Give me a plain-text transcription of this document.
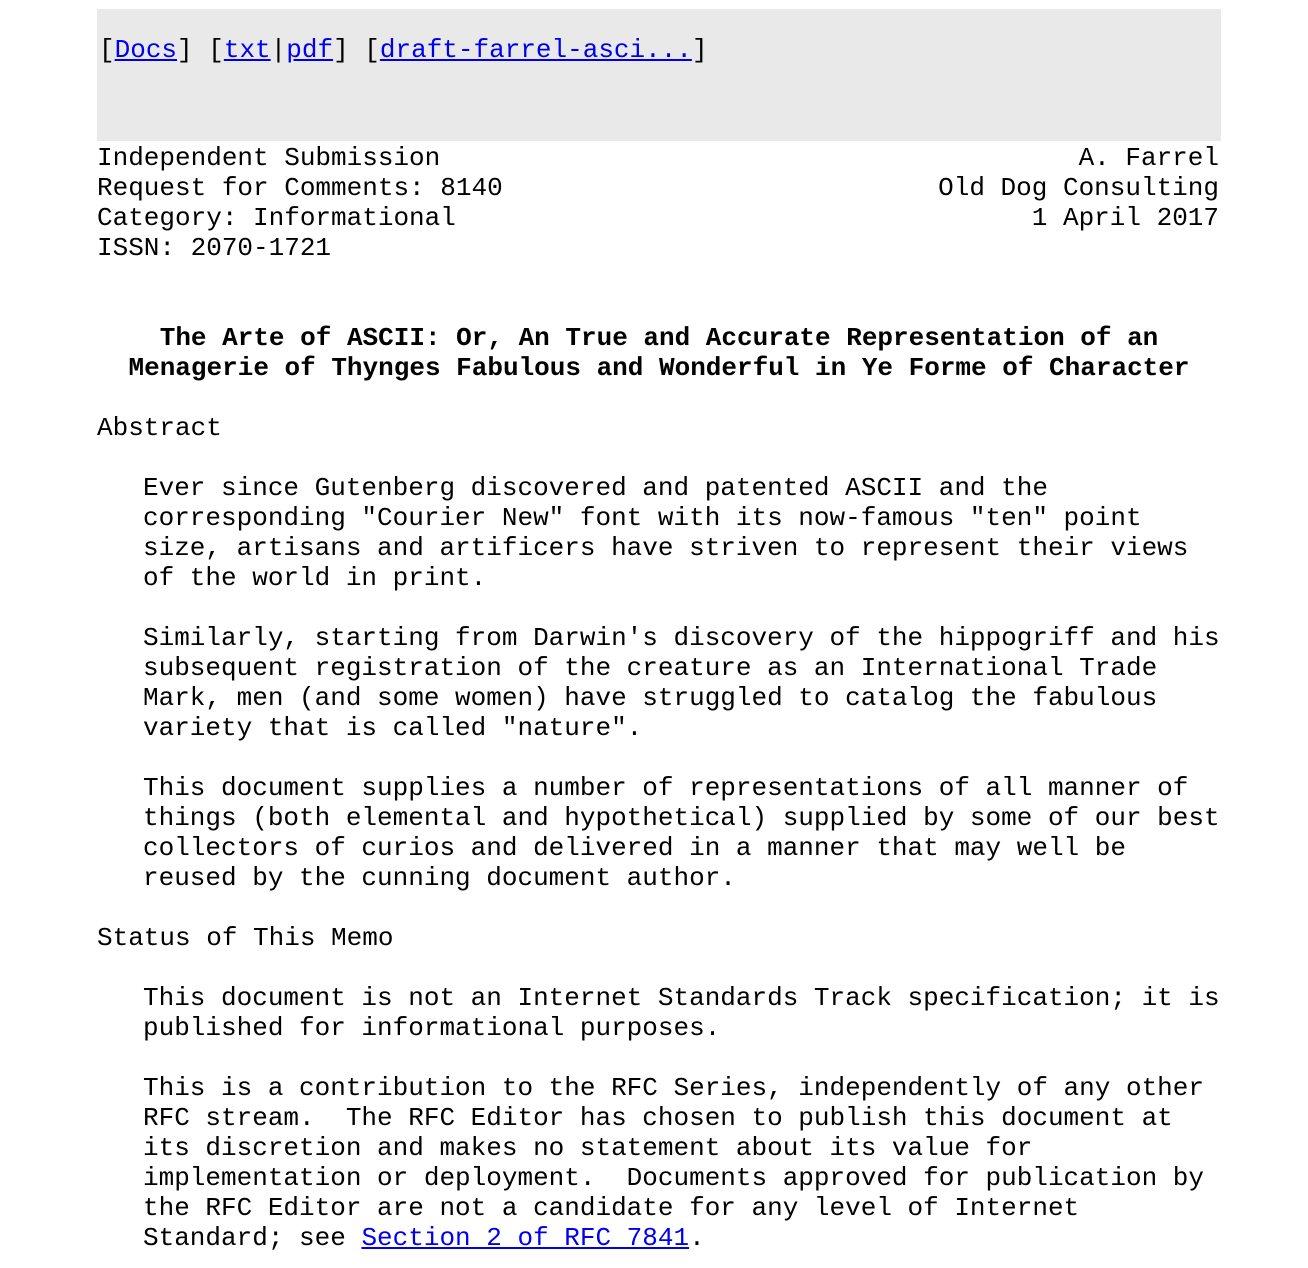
[Docs] [txt|pdf] [draft-farrel-asci...]
Independent Submission
Request for Comments: 8140
Category: Informational
ISSN: 2070-1721
A. Farrel
Old Dog Consulting
1 April 2017
The Arte of ASCII: Or, An True and Accurate Representation of an
Menagerie of Thynges Fabulous and Wonderful in Ye Forme of Character
Abstract
Ever since Gutenberg discovered and patented ASCII and the
corresponding "Courier New" font with its now-famous "ten" point
size, artisans and artificers have striven to represent their views
of the world in print.
Similarly, starting from Darwin's discovery of the hippogriff and his
subsequent registration of the creature as an International Trade
Mark, men (and some women) have struggled to catalog the fabulous
variety that is called "nature".
This document supplies a number of representations of all manner of
things (both elemental and hypothetical) supplied by some of our best
collectors of curios and delivered in a manner that may well be
reused by the cunning document author.
Status of This Memo
This document is not an Internet Standards Track specification; it is
published for informational purposes.
This is a contribution to the RFC Series, independently of any other
RFC stream.  The RFC Editor has chosen to publish this document at
its discretion and makes no statement about its value for
implementation or deployment.  Documents approved for publication by
the RFC Editor are not a candidate for any level of Internet
Standard; see Section 2 of RFC 7841.
